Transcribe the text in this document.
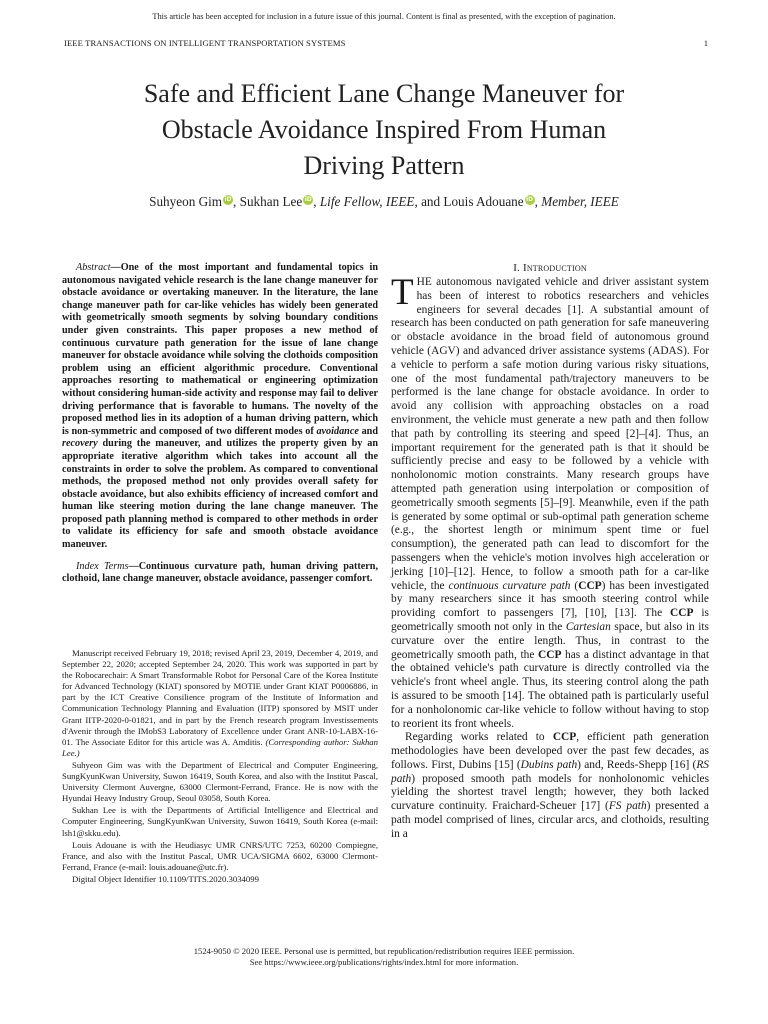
This article has been accepted for inclusion in a future issue of this journal. Content is final as presented, with the exception of pagination.
IEEE TRANSACTIONS ON INTELLIGENT TRANSPORTATION SYSTEMS	1
Safe and Efficient Lane Change Maneuver for
Obstacle Avoidance Inspired From Human
Driving Pattern
Suhyeon Gim iD, Sukhan Lee iD, Life Fellow, IEEE, and Louis Adouane iD, Member, IEEE

Abstract—One of the most important and fundamental topics in autonomous navigated vehicle research is the lane change maneuver for obstacle avoidance or overtaking maneuver. In the literature, the lane change maneuver path for car-like vehicles has widely been generated with geometrically smooth segments by solving boundary conditions under given constraints. This paper proposes a new method of continuous curvature path generation for the issue of lane change maneuver for obstacle avoidance while solving the clothoids composition problem using an efficient algorithmic procedure. Conventional approaches resorting to mathematical or engineering optimization without considering human-side activity and response may fail to deliver driving performance that is favorable to humans. The novelty of the proposed method lies in its adoption of a human driving pattern, which is non-symmetric and composed of two different modes of avoidance and recovery during the maneuver, and utilizes the property given by an appropriate iterative algorithm which takes into account all the constraints in order to solve the problem. As compared to conventional methods, the proposed method not only provides overall safety for obstacle avoidance, but also exhibits efficiency of increased comfort and human like steering motion during the lane change maneuver. The proposed path planning method is compared to other methods in order to validate its efficiency for safe and smooth obstacle avoidance maneuver.

Index Terms—Continuous curvature path, human driving pattern, clothoid, lane change maneuver, obstacle avoidance, passenger comfort.

Manuscript received February 19, 2018; revised April 23, 2019, December 4, 2019, and September 22, 2020; accepted September 24, 2020. This work was supported in part by the Robocarechair: A Smart Transformable Robot for Personal Care of the Korea Institute for Advanced Technology (KIAT) sponsored by MOTIE under Grant KIAT P0006886, in part by the ICT Creative Consilience program of the Institute of Information and Communication Technology Planning and Evaluation (IITP) sponsored by MSIT under Grant IITP-2020-0-01821, and in part by the French research program Investissements d'Avenir through the IMobS3 Laboratory of Excellence under Grant ANR-10-LABX-16-01. The Associate Editor for this article was A. Amditis. (Corresponding author: Sukhan Lee.)

Suhyeon Gim was with the Department of Electrical and Computer Engineering, SungKyunKwan University, Suwon 16419, South Korea, and also with the Institut Pascal, University Clermont Auvergne, 63000 Clermont-Ferrand, France. He is now with the Hyundai Heavy Industry Group, Seoul 03058, South Korea.

Sukhan Lee is with the Departments of Artificial Intelligence and Electrical and Computer Engineering, SungKyunKwan University, Suwon 16419, South Korea (e-mail: lsh1@skku.edu).

Louis Adouane is with the Heudiasyc UMR CNRS/UTC 7253, 60200 Compiegne, France, and also with the Institut Pascal, UMR UCA/SIGMA 6602, 63000 Clermont-Ferrand, France (e-mail: louis.adouane@utc.fr).

Digital Object Identifier 10.1109/TITS.2020.3034099

I. Introduction

THE autonomous navigated vehicle and driver assistant system has been of interest to robotics researchers and vehicles engineers for several decades [1]. A substantial amount of research has been conducted on path generation for safe maneuvering or obstacle avoidance in the broad field of autonomous ground vehicle (AGV) and advanced driver assistance systems (ADAS). For a vehicle to perform a safe motion during various risky situations, one of the most fundamental path/trajectory maneuvers to be performed is the lane change for obstacle avoidance. In order to avoid any collision with approaching obstacles on a road environment, the vehicle must generate a new path and then follow that path by controlling its steering and speed [2]–[4]. Thus, an important requirement for the generated path is that it should be sufficiently precise and easy to be followed by a vehicle with nonholonomic motion constraints. Many research groups have attempted path generation using interpolation or composition of geometrically smooth segments [5]–[9]. Meanwhile, even if the path is generated by some optimal or sub-optimal path generation scheme (e.g., the shortest length or minimum spent time or fuel consumption), the generated path can lead to discomfort for the passengers when the vehicle's motion involves high acceleration or jerking [10]–[12]. Hence, to follow a smooth path for a car-like vehicle, the continuous curvature path (CCP) has been investigated by many researchers since it has smooth steering control while providing comfort to passengers [7], [10], [13]. The CCP is geometrically smooth not only in the Cartesian space, but also in its curvature over the entire length. Thus, in contrast to the geometrically smooth path, the CCP has a distinct advantage in that the obtained vehicle's path curvature is directly controlled via the vehicle's front wheel angle. Thus, its steering control along the path is assured to be smooth [14]. The obtained path is particularly useful for a nonholonomic car-like vehicle to follow without having to stop to reorient its front wheels.

Regarding works related to CCP, efficient path generation methodologies have been developed over the past few decades, as follows. First, Dubins [15] (Dubins path) and, Reeds-Shepp [16] (RS path) proposed smooth path models for nonholonomic vehicles yielding the shortest travel length; however, they both lacked curvature continuity. Fraichard-Scheuer [17] (FS path) presented a path model comprised of lines, circular arcs, and clothoids, resulting in a

1524-9050 © 2020 IEEE. Personal use is permitted, but republication/redistribution requires IEEE permission.
See https://www.ieee.org/publications/rights/index.html for more information.
